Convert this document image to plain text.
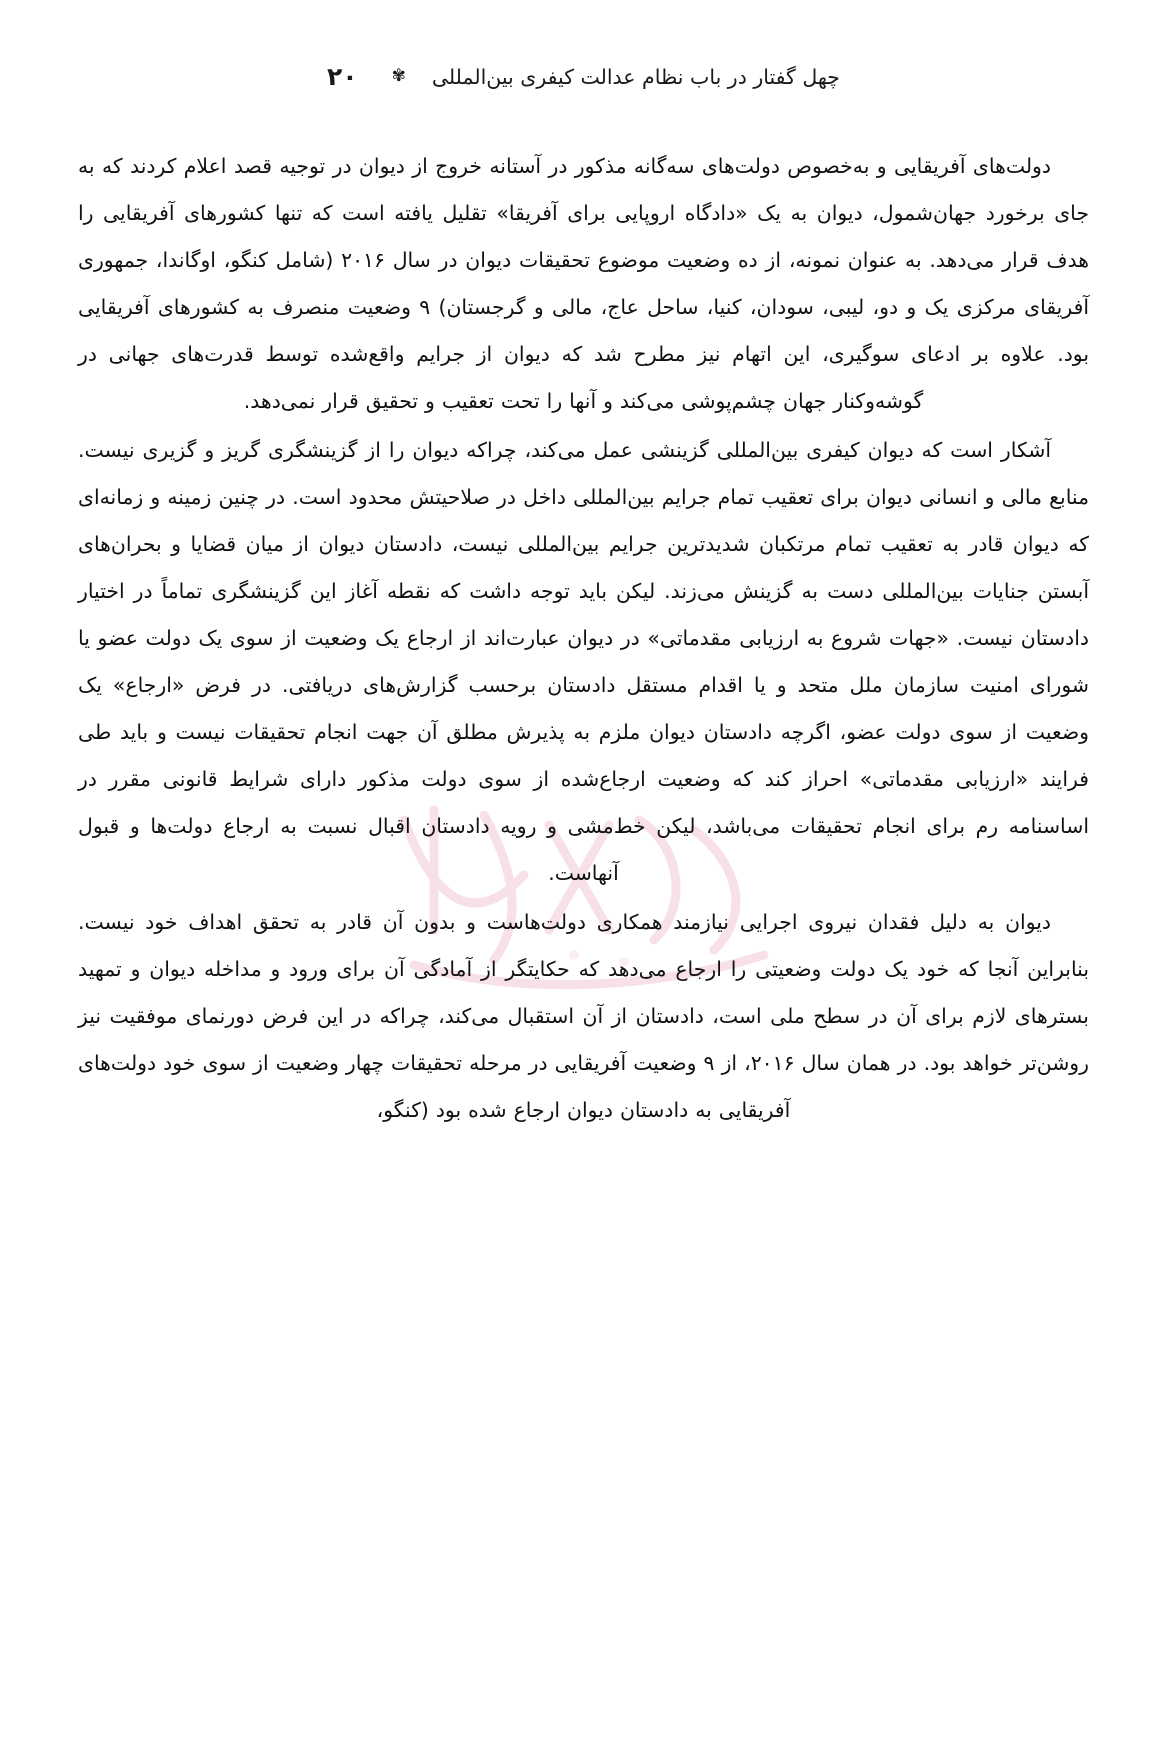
چهل گفتار در باب نظام عدالت کیفری بین‌المللی
✾
۲۰

دولت‌های آفریقایی و به‌خصوص دولت‌های سه‌گانه مذکور در آستانه خروج از دیوان در توجیه قصد اعلام کردند که به جای برخورد جهان‌شمول، دیوان به یک «دادگاه اروپایی برای آفریقا» تقلیل یافته است که تنها کشورهای آفریقایی را هدف قرار می‌دهد. به عنوان نمونه، از ده وضعیت موضوع تحقیقات دیوان در سال ۲۰۱۶ (شامل کنگو، اوگاندا، جمهوری آفریقای مرکزی یک و دو، لیبی، سودان، کنیا، ساحل عاج، مالی و گرجستان) ۹ وضعیت منصرف به کشورهای آفریقایی بود. علاوه بر ادعای سوگیری، این اتهام نیز مطرح شد که دیوان از جرایم واقع‌شده توسط قدرت‌های جهانی در گوشه‌وکنار جهان چشم‌پوشی می‌کند و آنها را تحت تعقیب و تحقیق قرار نمی‌دهد.

آشکار است که دیوان کیفری بین‌المللی گزینشی عمل می‌کند، چراکه دیوان را از گزینشگری گریز و گزیری نیست. منابع مالی و انسانی دیوان برای تعقیب تمام جرایم بین‌المللی داخل در صلاحیتش محدود است. در چنین زمینه و زمانه‌ای که دیوان قادر به تعقیب تمام مرتکبان شدیدترین جرایم بین‌المللی نیست، دادستان دیوان از میان قضایا و بحران‌های آبستن جنایات بین‌المللی دست به گزینش می‌زند. لیکن باید توجه داشت که نقطه آغاز این گزینشگری تماماً در اختیار دادستان نیست. «جهات شروع به ارزیابی مقدماتی» در دیوان عبارت‌اند از ارجاع یک وضعیت از سوی یک دولت عضو یا شورای امنیت سازمان ملل متحد و یا اقدام مستقل دادستان برحسب گزارش‌های دریافتی. در فرض «ارجاع» یک وضعیت از سوی دولت عضو، اگرچه دادستان دیوان ملزم به پذیرش مطلق آن جهت انجام تحقیقات نیست و باید طی فرایند «ارزیابی مقدماتی» احراز کند که وضعیت ارجاع‌شده از سوی دولت مذکور دارای شرایط قانونی مقرر در اساسنامه رم برای انجام تحقیقات می‌باشد، لیکن خط‌مشی و رویه دادستان اقبال نسبت به ارجاع دولت‌ها و قبول آنهاست.

دیوان به دلیل فقدان نیروی اجرایی نیازمند همکاری دولت‌هاست و بدون آن قادر به تحقق اهداف خود نیست. بنابراین آنجا که خود یک دولت وضعیتی را ارجاع می‌دهد که حکایتگر از آمادگی آن برای ورود و مداخله دیوان و تمهید بسترهای لازم برای آن در سطح ملی است، دادستان از آن استقبال می‌کند، چراکه در این فرض دورنمای موفقیت نیز روشن‌تر خواهد بود. در همان سال ۲۰۱۶، از ۹ وضعیت آفریقایی در مرحله تحقیقات چهار وضعیت از سوی خود دولت‌های آفریقایی به دادستان دیوان ارجاع شده بود (کنگو،
